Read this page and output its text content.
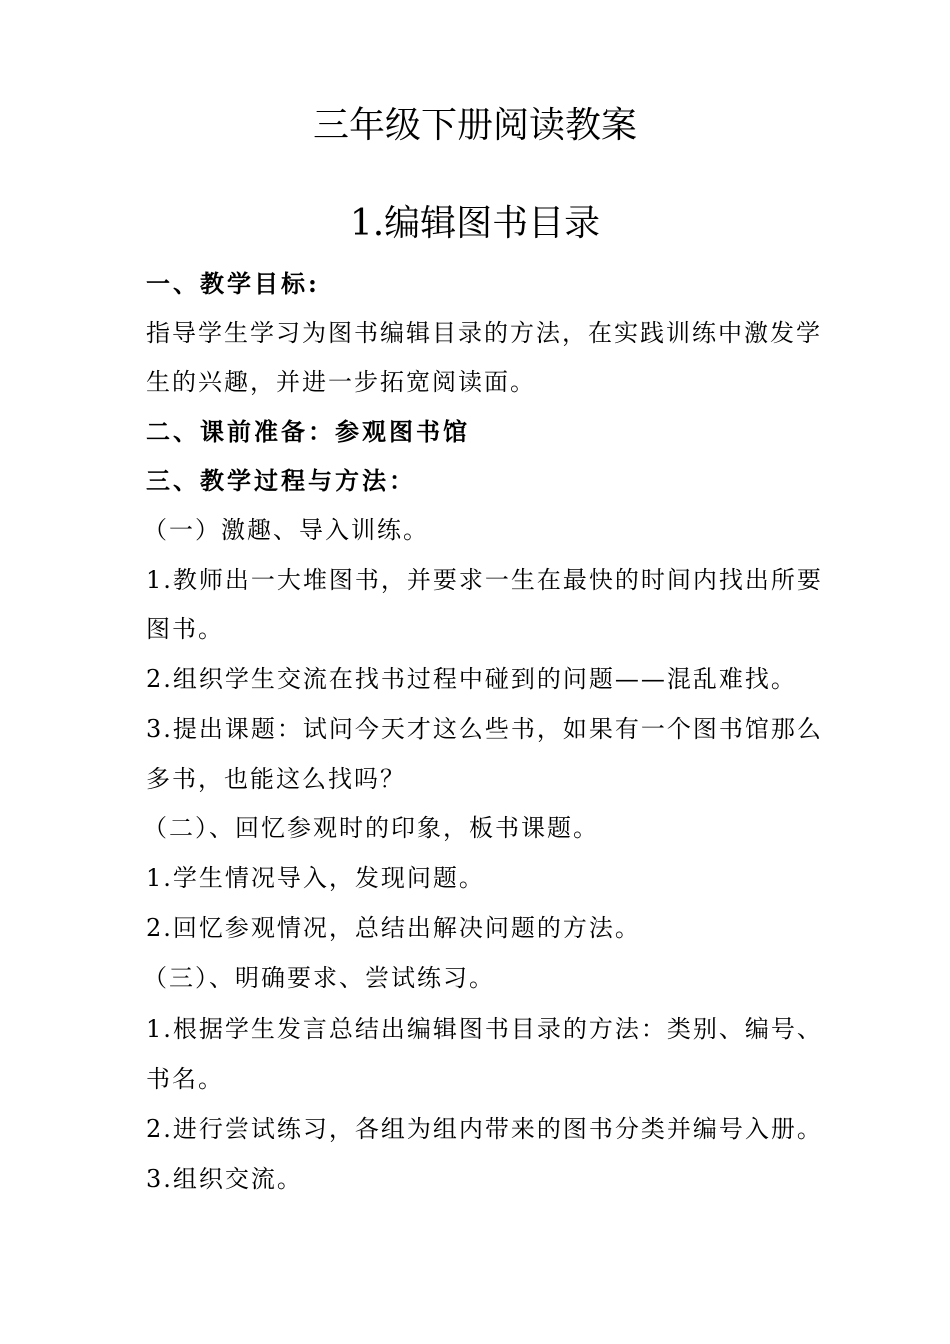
三年级下册阅读教案
1.编辑图书目录
一、教学目标:
指导学生学习为图书编辑目录的方法，在实践训练中激发学
生的兴趣，并进一步拓宽阅读面。
二、课前准备：参观图书馆
三、教学过程与方法：
（一）激趣、导入训练。
1.教师出一大堆图书，并要求一生在最快的时间内找出所要
图书。
2.组织学生交流在找书过程中碰到的问题——混乱难找。
3.提出课题：试问今天才这么些书，如果有一个图书馆那么
多书，也能这么找吗？
（二）、回忆参观时的印象，板书课题。
1.学生情况导入，发现问题。
2.回忆参观情况，总结出解决问题的方法。
（三）、明确要求、尝试练习。
1.根据学生发言总结出编辑图书目录的方法：类别、编号、
书名。
2.进行尝试练习，各组为组内带来的图书分类并编号入册。
3.组织交流。
